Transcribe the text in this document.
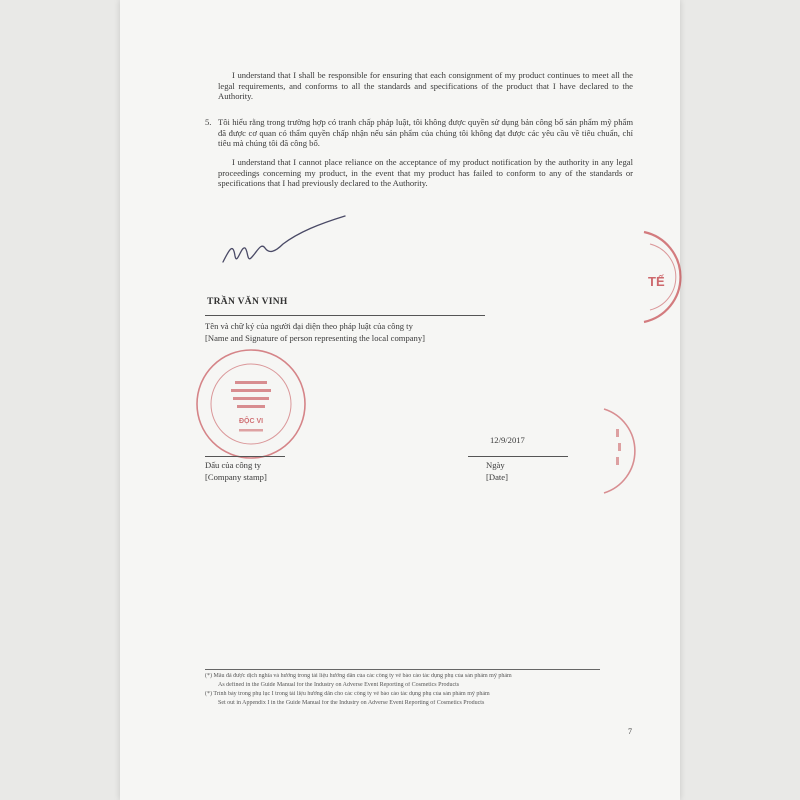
I understand that I shall be responsible for ensuring that each consignment of my product continues to meet all the legal requirements, and conforms to all the standards and specifications of the product that I have declared to the Authority.
5. Tôi hiểu rằng trong trường hợp có tranh chấp pháp luật, tôi không được quyền sử dụng bản công bố sản phẩm mỹ phẩm đã được cơ quan có thẩm quyền chấp nhận nếu sản phẩm của chúng tôi không đạt được các yêu cầu về tiêu chuẩn, chỉ tiêu mà chúng tôi đã công bố.
I understand that I cannot place reliance on the acceptance of my product notification by the authority in any legal proceedings concerning my product, in the event that my product has failed to conform to any of the standards or specifications that I had previously declared to the Authority.
TRẦN VĂN VINH
Tên và chữ ký của người đại diện theo pháp luật của công ty
[Name and Signature of person representing the local company]
ĐỘC VI
12/9/2017
Dấu của công ty
[Company stamp]
Ngày
[Date]
TẾ
(*) Mẫu đã được dịch nghĩa và hướng trong tài liệu hướng dẫn của các công ty về báo cáo tác dụng phụ của sản phẩm mỹ phẩm
As defined in the Guide Manual for the Industry on Adverse Event Reporting of Cosmetics Products
(*) Trình bày trong phụ lục I trong tài liệu hướng dẫn cho các công ty về báo cáo tác dụng phụ của sản phẩm mỹ phẩm
Set out in Appendix I in the Guide Manual for the Industry on Adverse Event Reporting of Cosmetics Products
7
